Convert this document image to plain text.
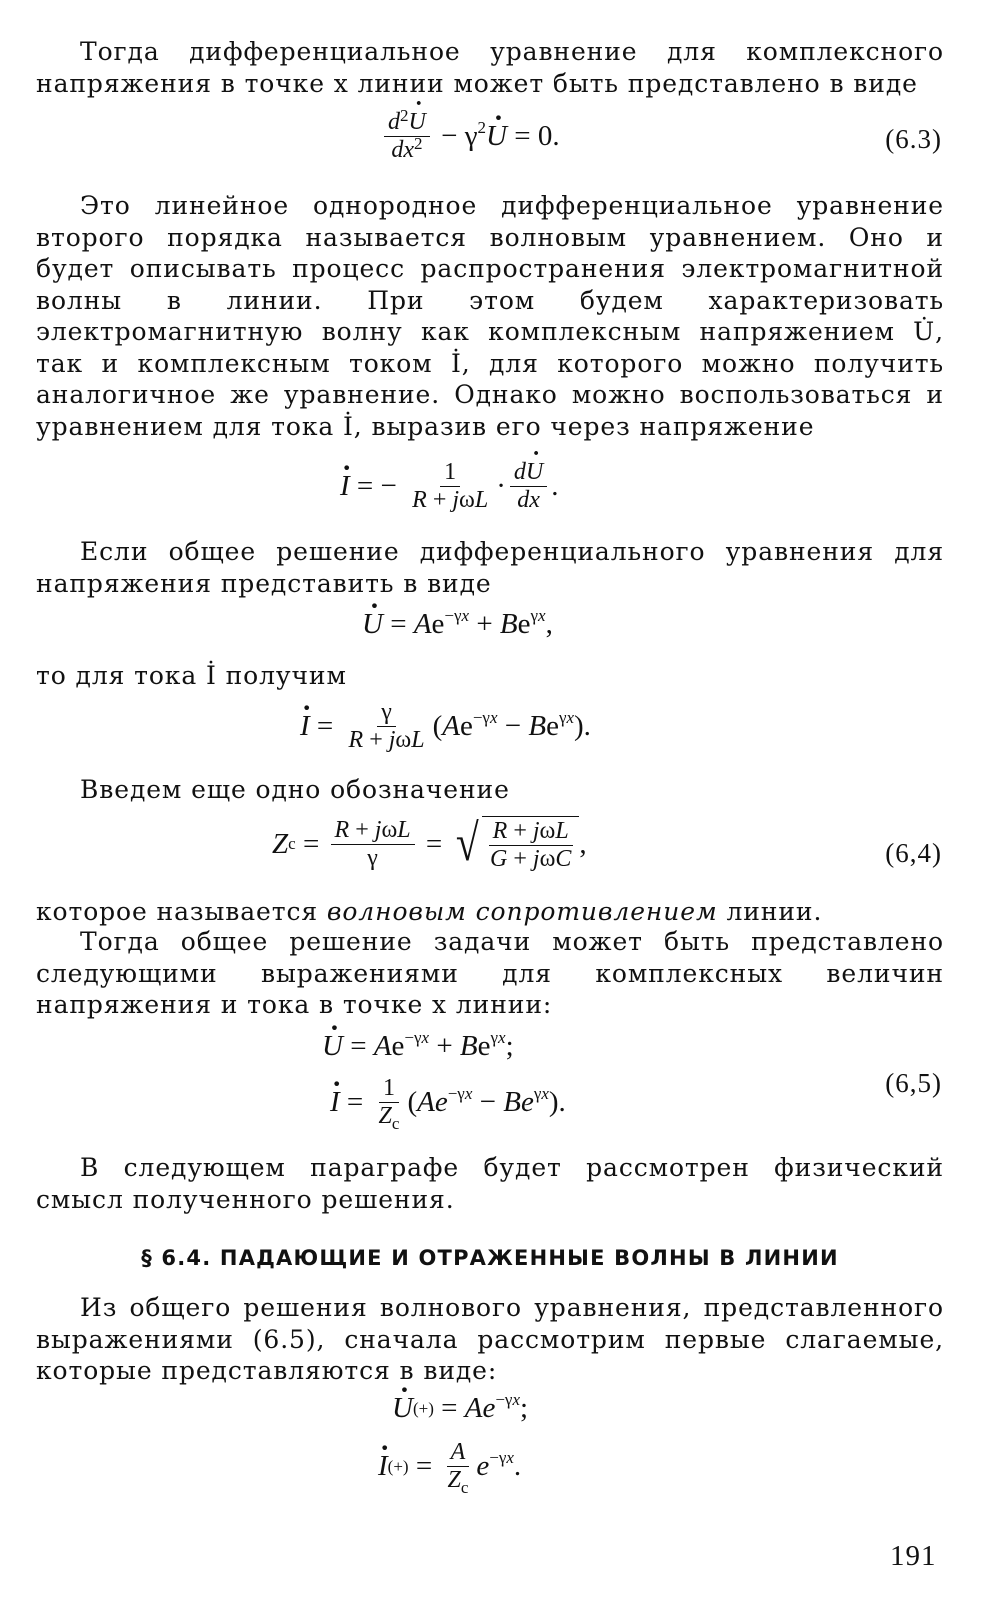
Тогда дифференциальное уравнение для комплексного напряжения в точке x линии может быть представлено в виде

$\frac{d^2\cdot U}{dx^2} - \gamma^2\cdot U = 0$.	(6.3)

Это линейное однородное дифференциальное уравнение второго порядка называется волновым уравнением. Оно и будет описывать процесс распространения электромагнитной волны в линии. При этом будем характеризовать электромагнитную волну как комплексным напряжением U̇, так и комплексным током İ, для которого можно получить аналогичное же уравнение. Однако можно воспользоваться и уравнением для тока İ, выразив его через напряжение

· I = − $\frac{1}{\text{R + jωL}} \cdot \frac{d\cdot U}{dx}$ .

Если общее решение дифференциального уравнения для напряжения представить в виде

· $U = Ae^{-\gamma x} + Be^{\gamma x}$,

то для тока İ получим

· $I = \frac{\gamma}{\text{R + jωL}} (Ae^{-\gamma x} - Be^{\gamma x})$.

Введем еще одно обозначение

Z $с = \frac{\text{R + jωL}}{\gamma}$ = √ $\frac{\text{R + jωL}}{\text{G + jωC}}$ ,	(6,4)

которое называется волновым сопротивлением линии.

Тогда общее решение задачи может быть представлено следующими выражениями для комплексных величин напряжения и тока в точке x линии:

· $U = Ae^{-\gamma x} + Be^{\gamma x}$;
· $I = \frac{1}{Z_с} (Ae^{-\gamma x} - Be^{\gamma x})$.
(6,5)

В следующем параграфе будет рассмотрен физический смысл полученного решения.

§ 6.4. ПАДАЮЩИЕ И ОТРАЖЕННЫЕ ВОЛНЫ В ЛИНИИ

Из общего решения волнового уравнения, представленного выражениями (6.5), сначала рассмотрим первые слагаемые, которые представляются в виде:

· U (+) = $Ae^{-\gamma x}$;
· I (+) = $\frac{A}{Z_с} e^{-\gamma x}$.
191
